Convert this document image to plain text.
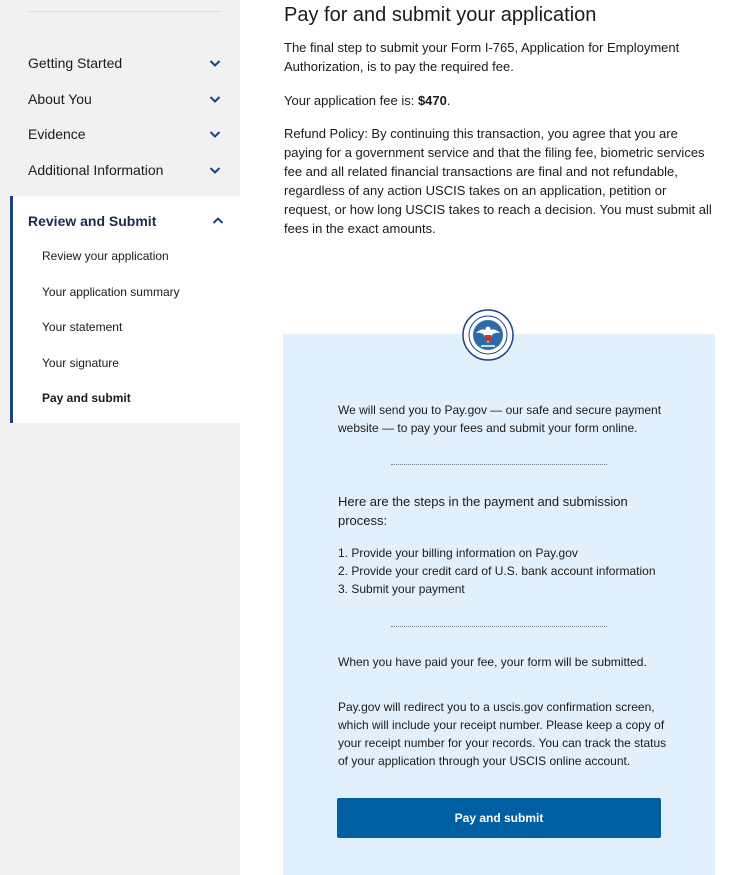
Getting Started
About You
Evidence
Additional Information
Review and Submit
Review your application
Your application summary
Your statement
Your signature
Pay and submit
Pay for and submit your application

The final step to submit your Form I-765, Application for Employment Authorization, is to pay the required fee.

Your application fee is: $470.

Refund Policy: By continuing this transaction, you agree that you are paying for a government service and that the filing fee, biometric services fee and all related financial transactions are final and not refundable, regardless of any action USCIS takes on an application, petition or request, or how long USCIS takes to reach a decision. You must submit all fees in the exact amounts.

We will send you to Pay.gov — our safe and secure payment website — to pay your fees and submit your form online.

Here are the steps in the payment and submission process:

1. Provide your billing information on Pay.gov
2. Provide your credit card of U.S. bank account information
3. Submit your payment

When you have paid your fee, your form will be submitted.

Pay.gov will redirect you to a uscis.gov confirmation screen, which will include your receipt number. Please keep a copy of your receipt number for your records. You can track the status of your application through your USCIS online account.

Pay and submit
